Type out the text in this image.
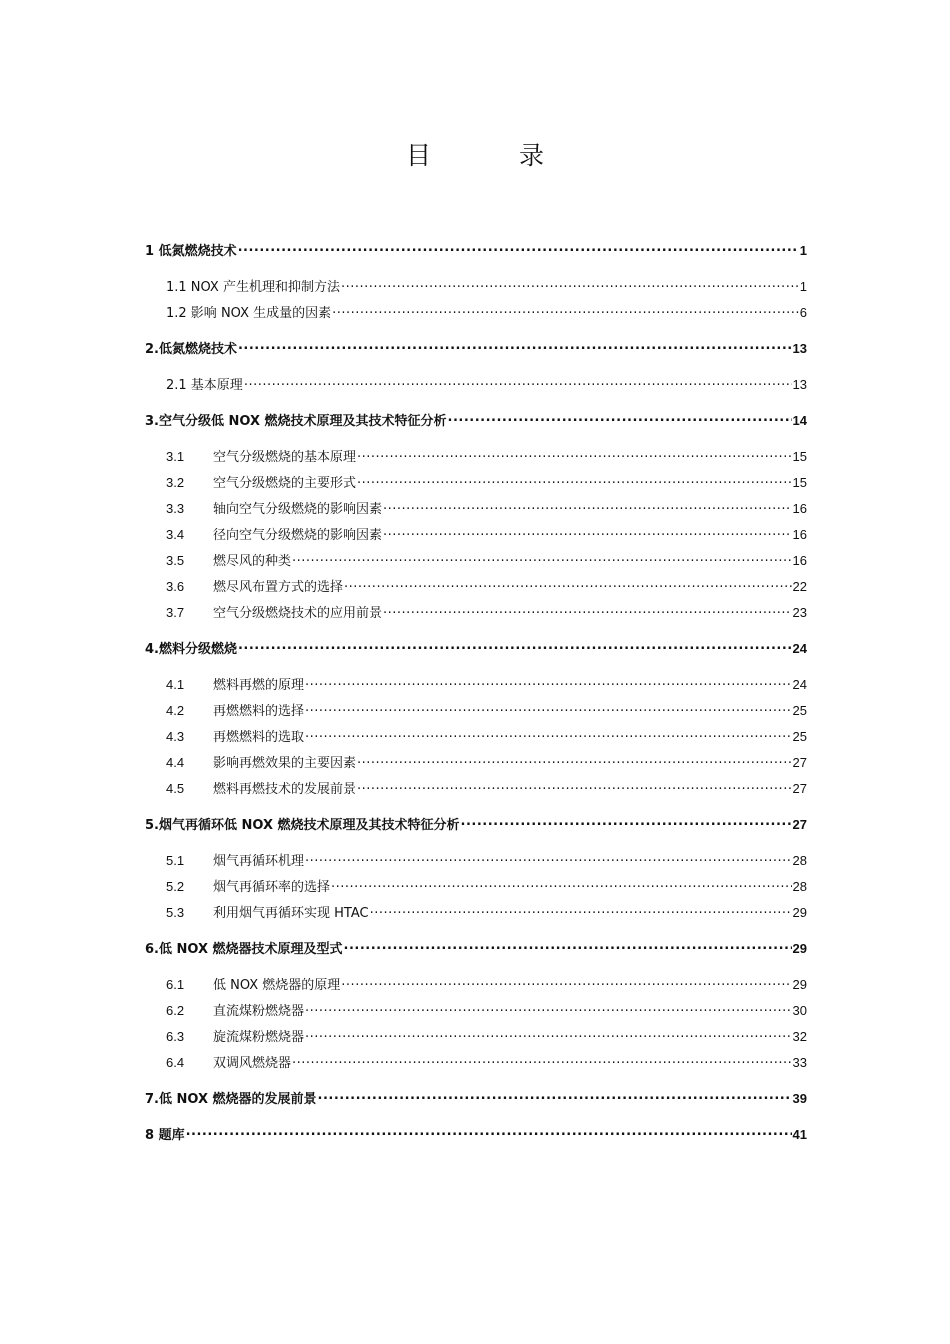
目 录
1 低氮燃烧技术 .....	1
1.1 NOX 产生机理和抑制方法 .....	1
1.2 影响 NOX 生成量的因素 .....	6
2.低氮燃烧技术 .....	13
2.1 基本原理 .....	13
3.空气分级低 NOX 燃烧技术原理及其技术特征分析 .....	14
3.1	空气分级燃烧的基本原理 .....	15
3.2	空气分级燃烧的主要形式 .....	15
3.3	轴向空气分级燃烧的影响因素 .....	16
3.4	径向空气分级燃烧的影响因素 .....	16
3.5	燃尽风的种类 .....	16
3.6	燃尽风布置方式的选择 .....	22
3.7	空气分级燃烧技术的应用前景 .....	23
4.燃料分级燃烧 .....	24
4.1	燃料再燃的原理 .....	24
4.2	再燃燃料的选择 .....	25
4.3	再燃燃料的选取 .....	25
4.4	影响再燃效果的主要因素 .....	27
4.5	燃料再燃技术的发展前景 .....	27
5.烟气再循环低 NOX 燃烧技术原理及其技术特征分析 .....	27
5.1	烟气再循环机理 .....	28
5.2	烟气再循环率的选择 .....	28
5.3	利用烟气再循环实现 HTAC .....	29
6.低 NOX 燃烧器技术原理及型式 .....	29
6.1	低 NOX 燃烧器的原理 .....	29
6.2	直流煤粉燃烧器 .....	30
6.3	旋流煤粉燃烧器 .....	32
6.4	双调风燃烧器 .....	33
7.低 NOX 燃烧器的发展前景 .....	39
8 题库 .....	41
